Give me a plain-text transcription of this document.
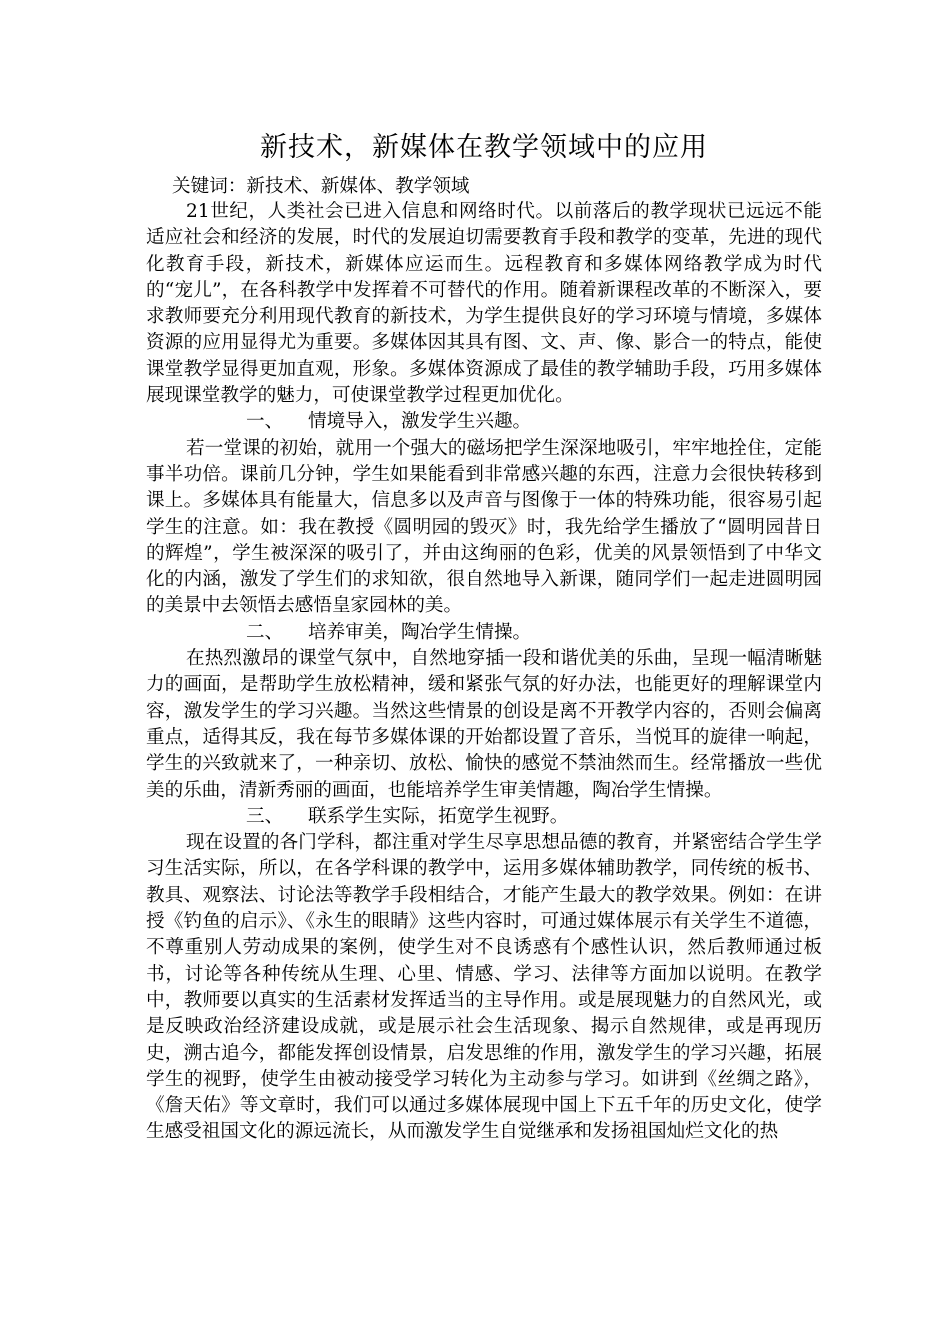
新技术，新媒体在教学领域中的应用
关键词：新技术、新媒体、教学领域

21世纪，人类社会已进入信息和网络时代。以前落后的教学现状已远远不能适应社会和经济的发展，时代的发展迫切需要教育手段和教学的变革，先进的现代化教育手段，新技术，新媒体应运而生。远程教育和多媒体网络教学成为时代的“宠儿”，在各科教学中发挥着不可替代的作用。随着新课程改革的不断深入，要求教师要充分利用现代教育的新技术，为学生提供良好的学习环境与情境，多媒体资源的应用显得尤为重要。多媒体因其具有图、文、声、像、影合一的特点，能使课堂教学显得更加直观，形象。多媒体资源成了最佳的教学辅助手段，巧用多媒体展现课堂教学的魅力，可使课堂教学过程更加优化。

一、 情境导入，激发学生兴趣。

若一堂课的初始，就用一个强大的磁场把学生深深地吸引，牢牢地拴住，定能事半功倍。课前几分钟，学生如果能看到非常感兴趣的东西，注意力会很快转移到课上。多媒体具有能量大，信息多以及声音与图像于一体的特殊功能，很容易引起学生的注意。如：我在教授《圆明园的毁灭》时，我先给学生播放了“圆明园昔日的辉煌”，学生被深深的吸引了，并由这绚丽的色彩，优美的风景领悟到了中华文化的内涵，激发了学生们的求知欲，很自然地导入新课，随同学们一起走进圆明园的美景中去领悟去感悟皇家园林的美。

二、 培养审美，陶冶学生情操。

在热烈激昂的课堂气氛中，自然地穿插一段和谐优美的乐曲，呈现一幅清晰魅力的画面，是帮助学生放松精神，缓和紧张气氛的好办法，也能更好的理解课堂内容，激发学生的学习兴趣。当然这些情景的创设是离不开教学内容的，否则会偏离重点，适得其反，我在每节多媒体课的开始都设置了音乐，当悦耳的旋律一响起，学生的兴致就来了，一种亲切、放松、愉快的感觉不禁油然而生。经常播放一些优美的乐曲，清新秀丽的画面，也能培养学生审美情趣，陶冶学生情操。

三、 联系学生实际，拓宽学生视野。

现在设置的各门学科，都注重对学生尽享思想品德的教育，并紧密结合学生学习生活实际，所以，在各学科课的教学中，运用多媒体辅助教学，同传统的板书、教具、观察法、讨论法等教学手段相结合，才能产生最大的教学效果。例如：在讲授《钓鱼的启示》、《永生的眼睛》这些内容时，可通过媒体展示有关学生不道德，不尊重别人劳动成果的案例，使学生对不良诱惑有个感性认识，然后教师通过板书，讨论等各种传统从生理、心里、情感、学习、法律等方面加以说明。在教学中，教师要以真实的生活素材发挥适当的主导作用。或是展现魅力的自然风光，或是反映政治经济建设成就，或是展示社会生活现象、揭示自然规律，或是再现历史，溯古追今，都能发挥创设情景，启发思维的作用，激发学生的学习兴趣，拓展学生的视野，使学生由被动接受学习转化为主动参与学习。如讲到《丝绸之路》，《詹天佑》等文章时，我们可以通过多媒体展现中国上下五千年的历史文化，使学生感受祖国文化的源远流长，从而激发学生自觉继承和发扬祖国灿烂文化的热
